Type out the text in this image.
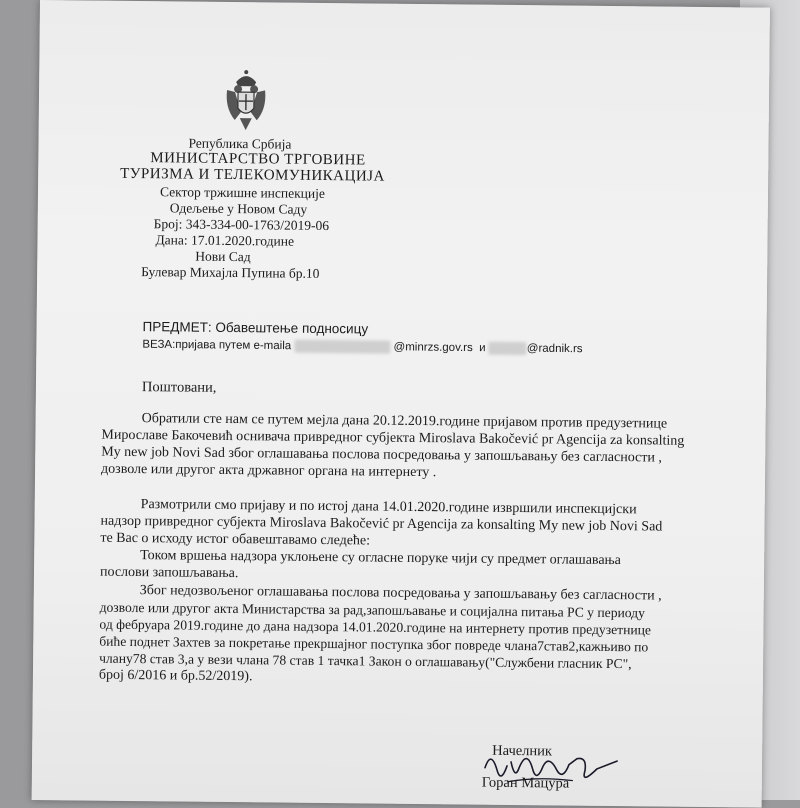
Република Србија
МИНИСТАРСТВО ТРГОВИНЕ
ТУРИЗМА И ТЕЛЕКОМУНИКАЦИЈА
Сектор тржишне инспекције
Одељење у Новом Саду
Број: 343-334-00-1763/2019-06
Дана: 17.01.2020.године
Нови Сад
Булевар Михајла Пупина бр.10
ПРЕДМЕТ: Обавештење подносицу
ВЕЗА:пријава путем e-maila	@minrzs.gov.rs и	@radnik.rs
Поштовани,
Обратили сте нам се путем мејла дана 20.12.2019.године пријавом против предузетнице
Мирославе Бакочевић оснивача привредног субјекта Miroslava Bakočević pr Agencija za konsalting
My new job Novi Sad због оглашавања послова посредовања у запошљавању без сагласности ,
дозволе или другог акта државног органа на интернету .
Размотрили смо пријаву и по истој дана 14.01.2020.године извршили инспекцијски
надзор привредног субјекта Miroslava Bakočević pr Agencija za konsalting My new job Novi Sad
те Вас о исходу истог обавештавамо следеће:
Током вршења надзора уклоњене су огласне поруке чији су предмет оглашавања
послови запошљавања.
Због недозвољеног оглашавања послова посредовања у запошљавању без сагласности ,
дозволе или другог акта Министарства за рад,запошљавање и социјална питања РС у периоду
од фебруара 2019.године до дана надзора 14.01.2020.године на интернету против предузетнице
биће поднет Захтев за покретање прекршајног поступка због повреде члана7став2,кажњиво по
члану78 став 3,а у вези члана 78 став 1 тачка1 Закон о оглашавању("Службени гласник РС",
број 6/2016 и бр.52/2019).
Начелник
Горан Мацура
